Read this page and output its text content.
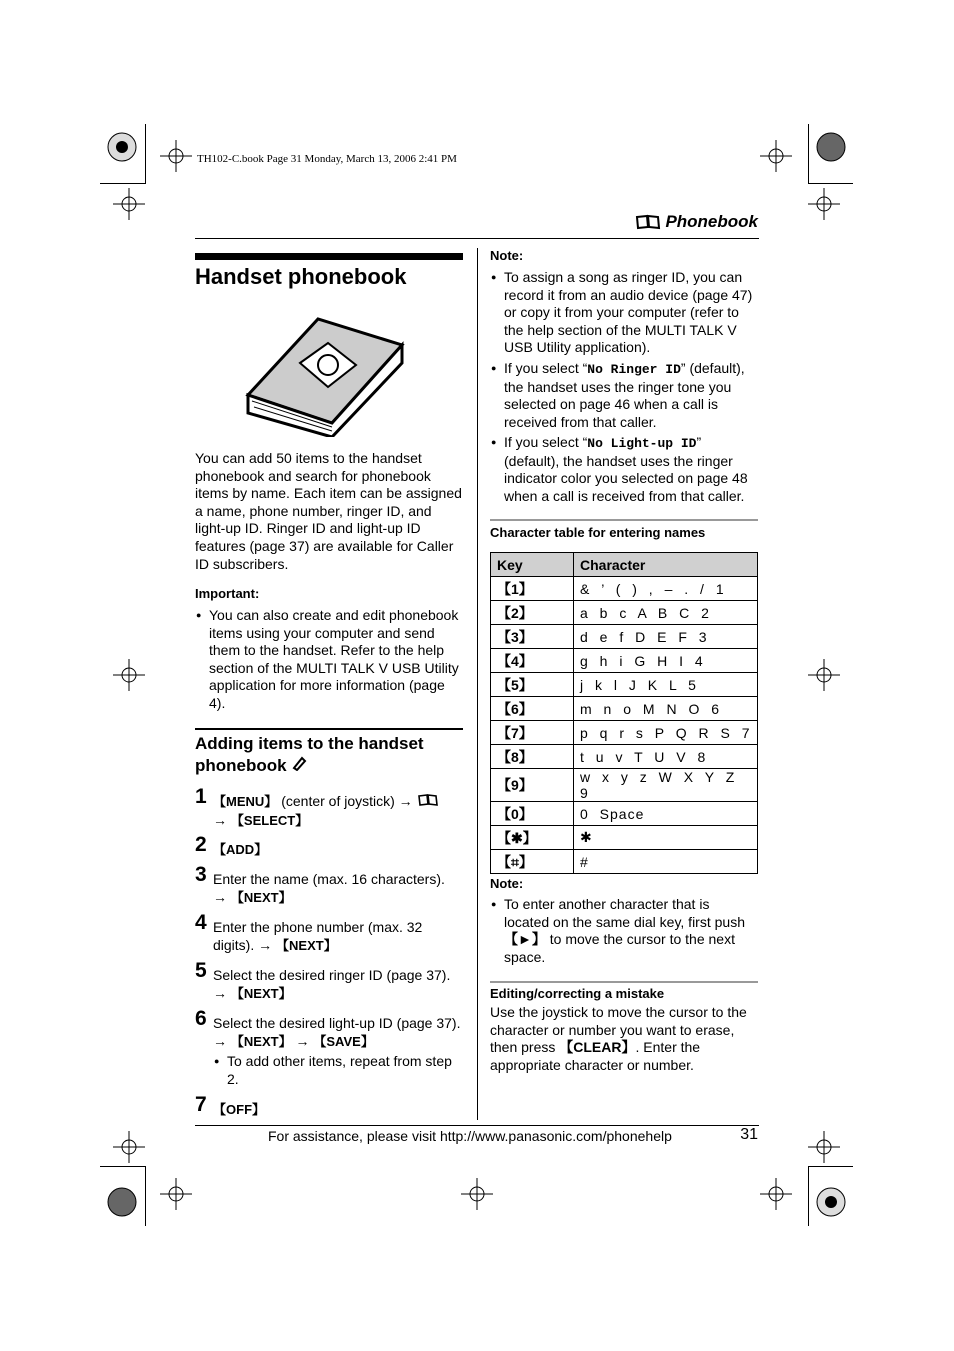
TH102-C.book Page 31 Monday, March 13, 2006 2:41 PM
Phonebook
Handset phonebook
You can add 50 items to the handset phonebook and search for phonebook items by name. Each item can be assigned a name, phone number, ringer ID, and light-up ID. Ringer ID and light-up ID features (page 37) are available for Caller ID subscribers.
Important:
● You can also create and edit phonebook items using your computer and send them to the handset. Refer to the help section of the MULTI TALK V USB Utility application for more information (page 4).
Adding items to the handset phonebook
1 【MENU】 (center of joystick) →
→ 【SELECT】
2 【ADD】
3 Enter the name (max. 16 characters).
→ 【NEXT】
4 Enter the phone number (max. 32 digits). → 【NEXT】
5 Select the desired ringer ID (page 37).
→ 【NEXT】
6 Select the desired light-up ID (page 37).
→ 【NEXT】 → 【SAVE】
● To add other items, repeat from step 2.
7 【OFF】
Note:
● To assign a song as ringer ID, you can record it from an audio device (page 47) or copy it from your computer (refer to the help section of the MULTI TALK V USB Utility application).
● If you select “No Ringer ID” (default), the handset uses the ringer tone you selected on page 46 when a call is received from that caller.
● If you select “No Light-up ID” (default), the handset uses the ringer indicator color you selected on page 48 when a call is received from that caller.
Character table for entering names
Key	Character
【1】	& ’ ( ) , – . / 1
【2】	a b c A B C 2
【3】	d e f D E F 3
【4】	g h i G H I 4
【5】	j k l J K L 5
【6】	m n o M N O 6
【7】	p q r s P Q R S 7
【8】	t u v T U V 8
【9】	w x y z W X Y Z 9
【0】	0 Space
【✱】	✱
【⌗】	#
Note:
● To enter another character that is located on the same dial key, first push
【►】 to move the cursor to the next space.
Editing/correcting a mistake
Use the joystick to move the cursor to the character or number you want to erase, then press 【CLEAR】. Enter the appropriate character or number.
For assistance, please visit http://www.panasonic.com/phonehelp	31
